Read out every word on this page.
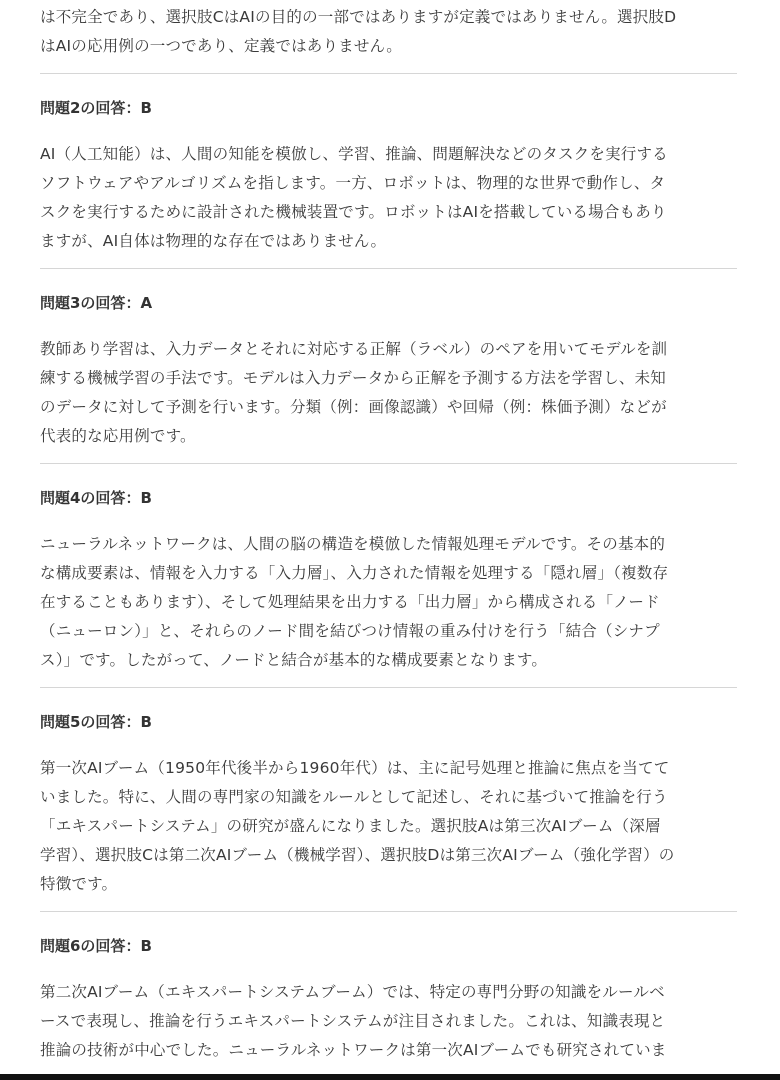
は不完全であり、選択肢CはAIの目的の一部ではありますが定義ではありません。選択肢D
はAIの応用例の一つであり、定義ではありません。

問題2の回答：B

AI（人工知能）は、人間の知能を模倣し、学習、推論、問題解決などのタスクを実行する
ソフトウェアやアルゴリズムを指します。一方、ロボットは、物理的な世界で動作し、タ
スクを実行するために設計された機械装置です。ロボットはAIを搭載している場合もあり
ますが、AI自体は物理的な存在ではありません。

問題3の回答：A

教師あり学習は、入力データとそれに対応する正解（ラベル）のペアを用いてモデルを訓
練する機械学習の手法です。モデルは入力データから正解を予測する方法を学習し、未知
のデータに対して予測を行います。分類（例：画像認識）や回帰（例：株価予測）などが
代表的な応用例です。

問題4の回答：B

ニューラルネットワークは、人間の脳の構造を模倣した情報処理モデルです。その基本的
な構成要素は、情報を入力する「入力層」、入力された情報を処理する「隠れ層」（複数存
在することもあります）、そして処理結果を出力する「出力層」から構成される「ノード
（ニューロン）」と、それらのノード間を結びつけ情報の重み付けを行う「結合（シナプ
ス）」です。したがって、ノードと結合が基本的な構成要素となります。

問題5の回答：B

第一次AIブーム（1950年代後半から1960年代）は、主に記号処理と推論に焦点を当てて
いました。特に、人間の専門家の知識をルールとして記述し、それに基づいて推論を行う
「エキスパートシステム」の研究が盛んになりました。選択肢Aは第三次AIブーム（深層
学習）、選択肢Cは第二次AIブーム（機械学習）、選択肢Dは第三次AIブーム（強化学習）の
特徴です。

問題6の回答：B

第二次AIブーム（エキスパートシステムブーム）では、特定の専門分野の知識をルールベ
ースで表現し、推論を行うエキスパートシステムが注目されました。これは、知識表現と
推論の技術が中心でした。ニューラルネットワークは第一次AIブームでも研究されていま
